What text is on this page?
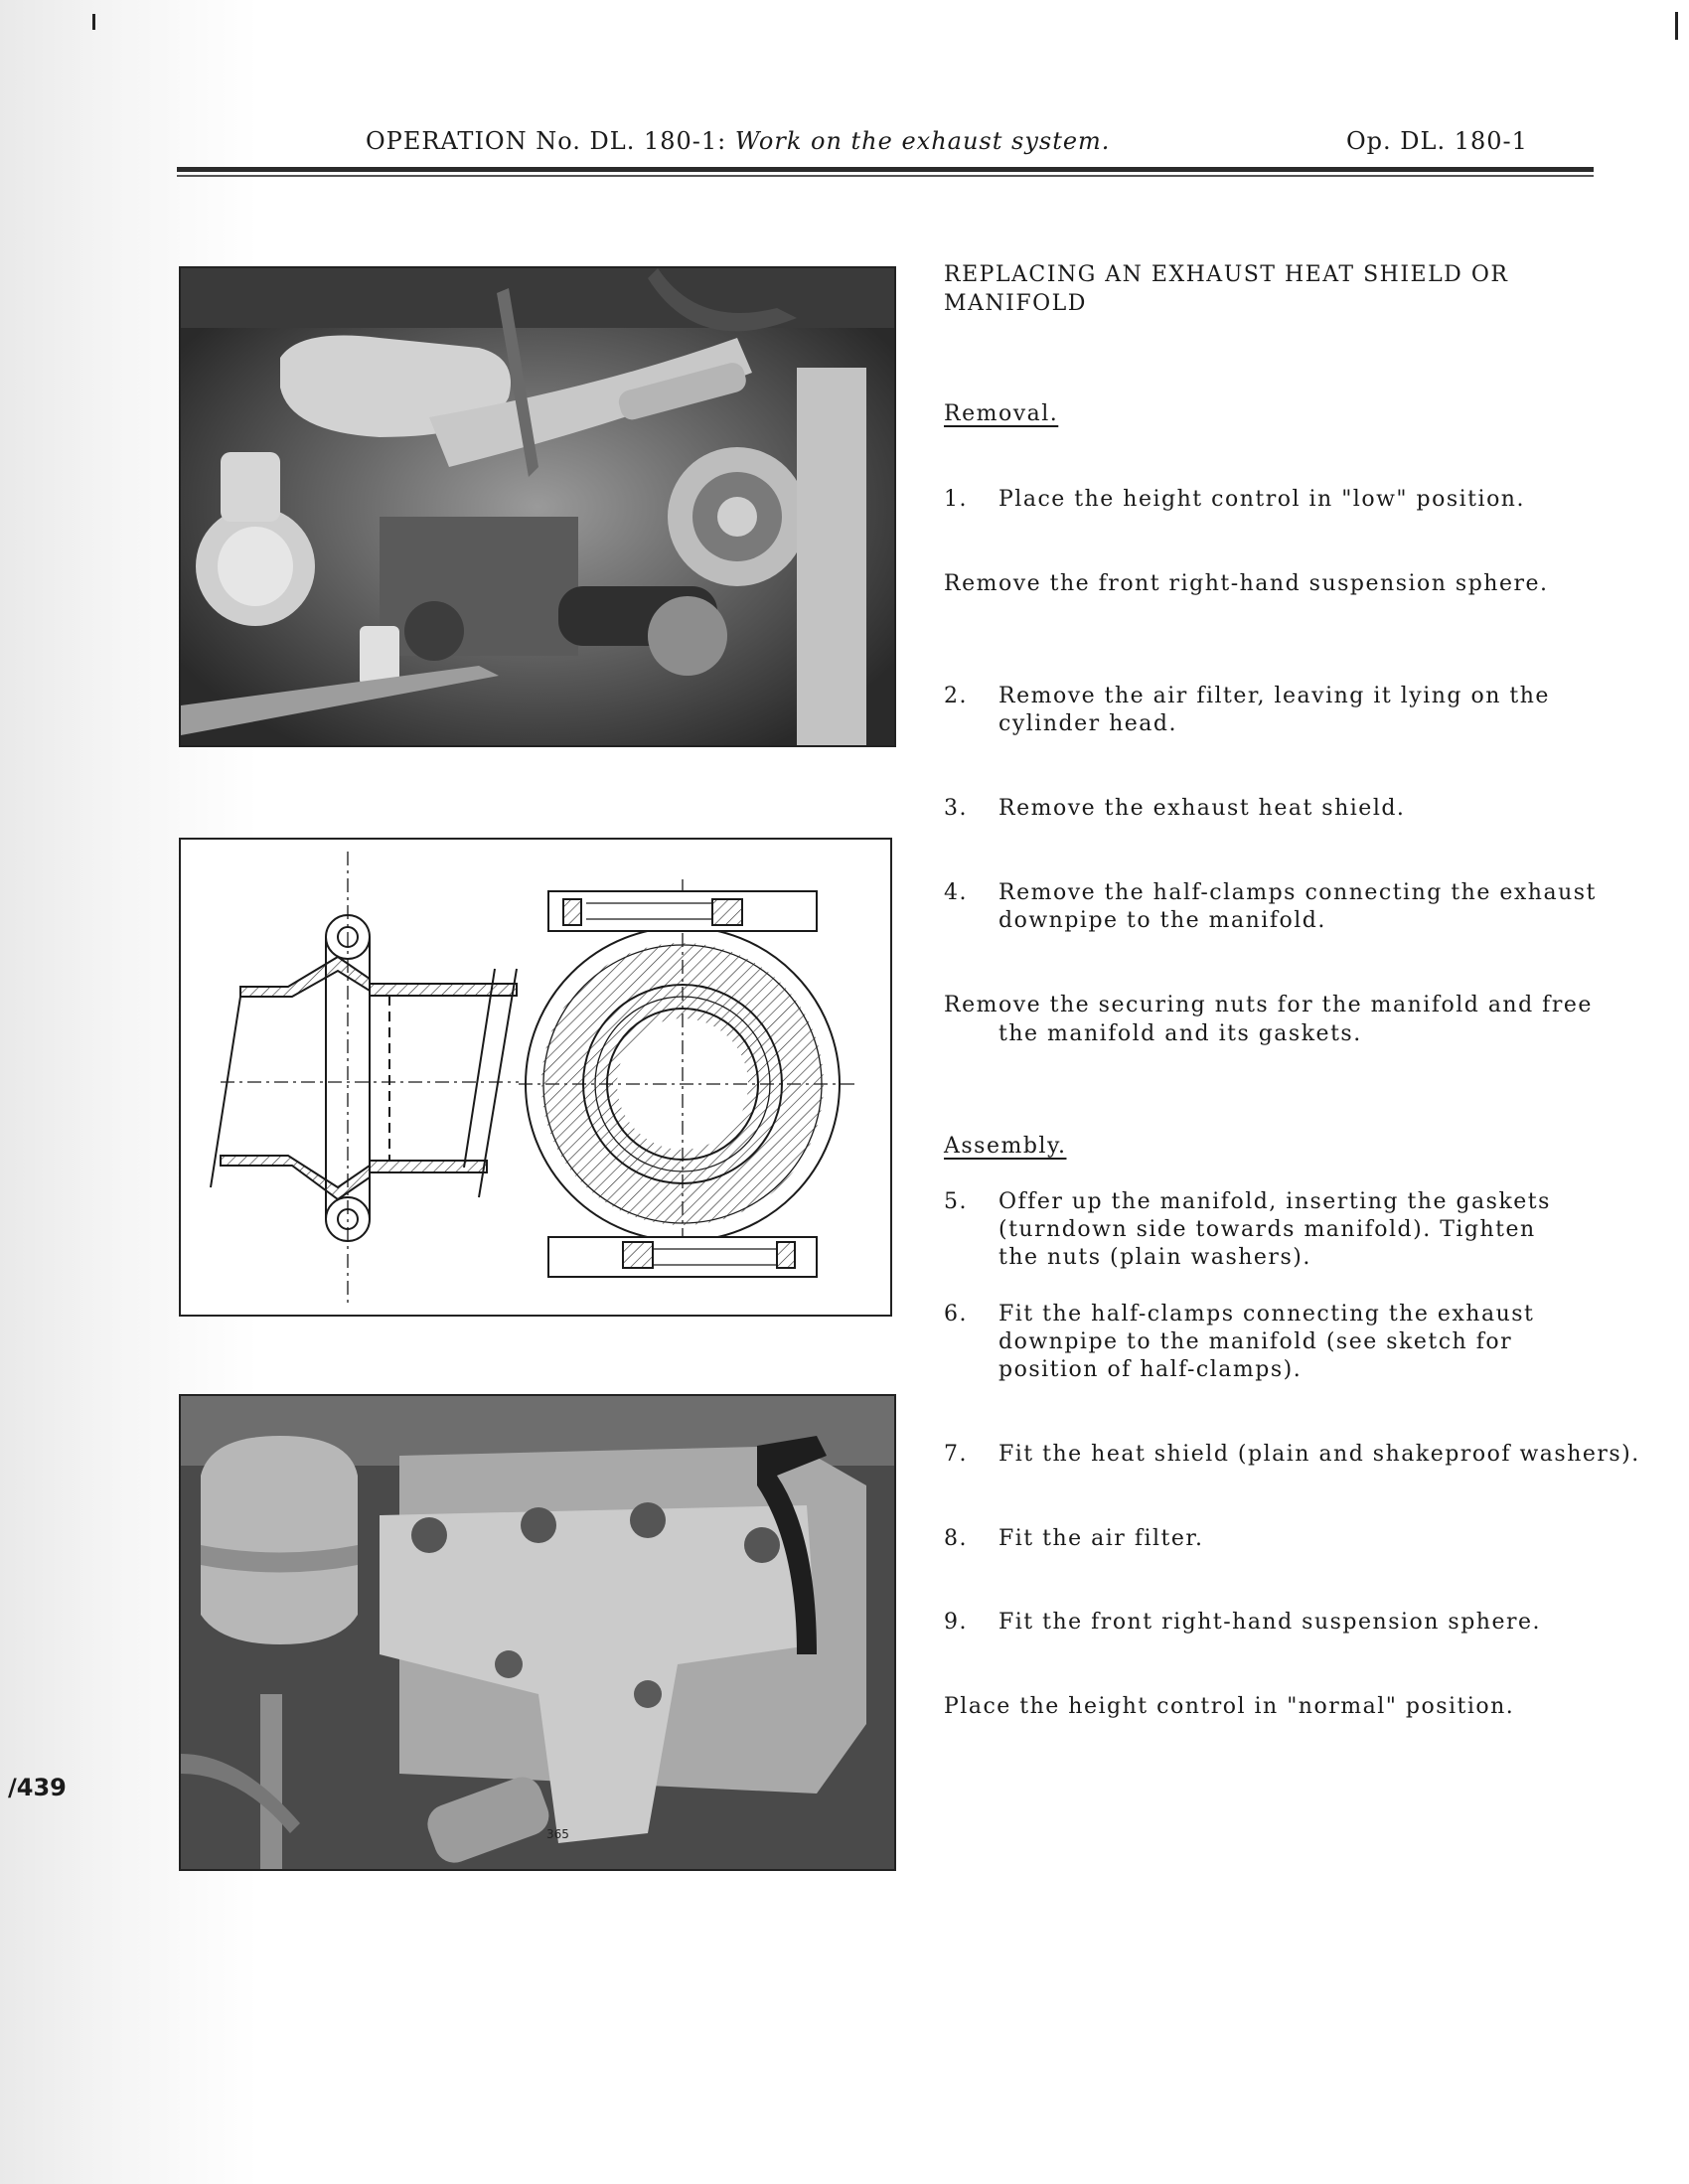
OPERATION No. DL. 180-1: Work on the exhaust system.	Op. DL. 180-1
365
REPLACING AN EXHAUST HEAT SHIELD OR
MANIFOLD
Removal.
1. Place the height control in "low" position.
Remove the front right-hand suspension sphere.
2. Remove the air filter, leaving it lying on the
cylinder head.
3. Remove the exhaust heat shield.
4. Remove the half-clamps connecting the exhaust
downpipe to the manifold.
Remove the securing nuts for the manifold and free
the manifold and its gaskets.
Assembly.
5. Offer up the manifold, inserting the gaskets
(turndown side towards manifold). Tighten
the nuts (plain washers).
6. Fit the half-clamps connecting the exhaust
downpipe to the manifold (see sketch for
position of half-clamps).
7. Fit the heat shield (plain and shakeproof washers).
8. Fit the air filter.
9. Fit the front right-hand suspension sphere.
Place the height control in "normal" position.
/439
